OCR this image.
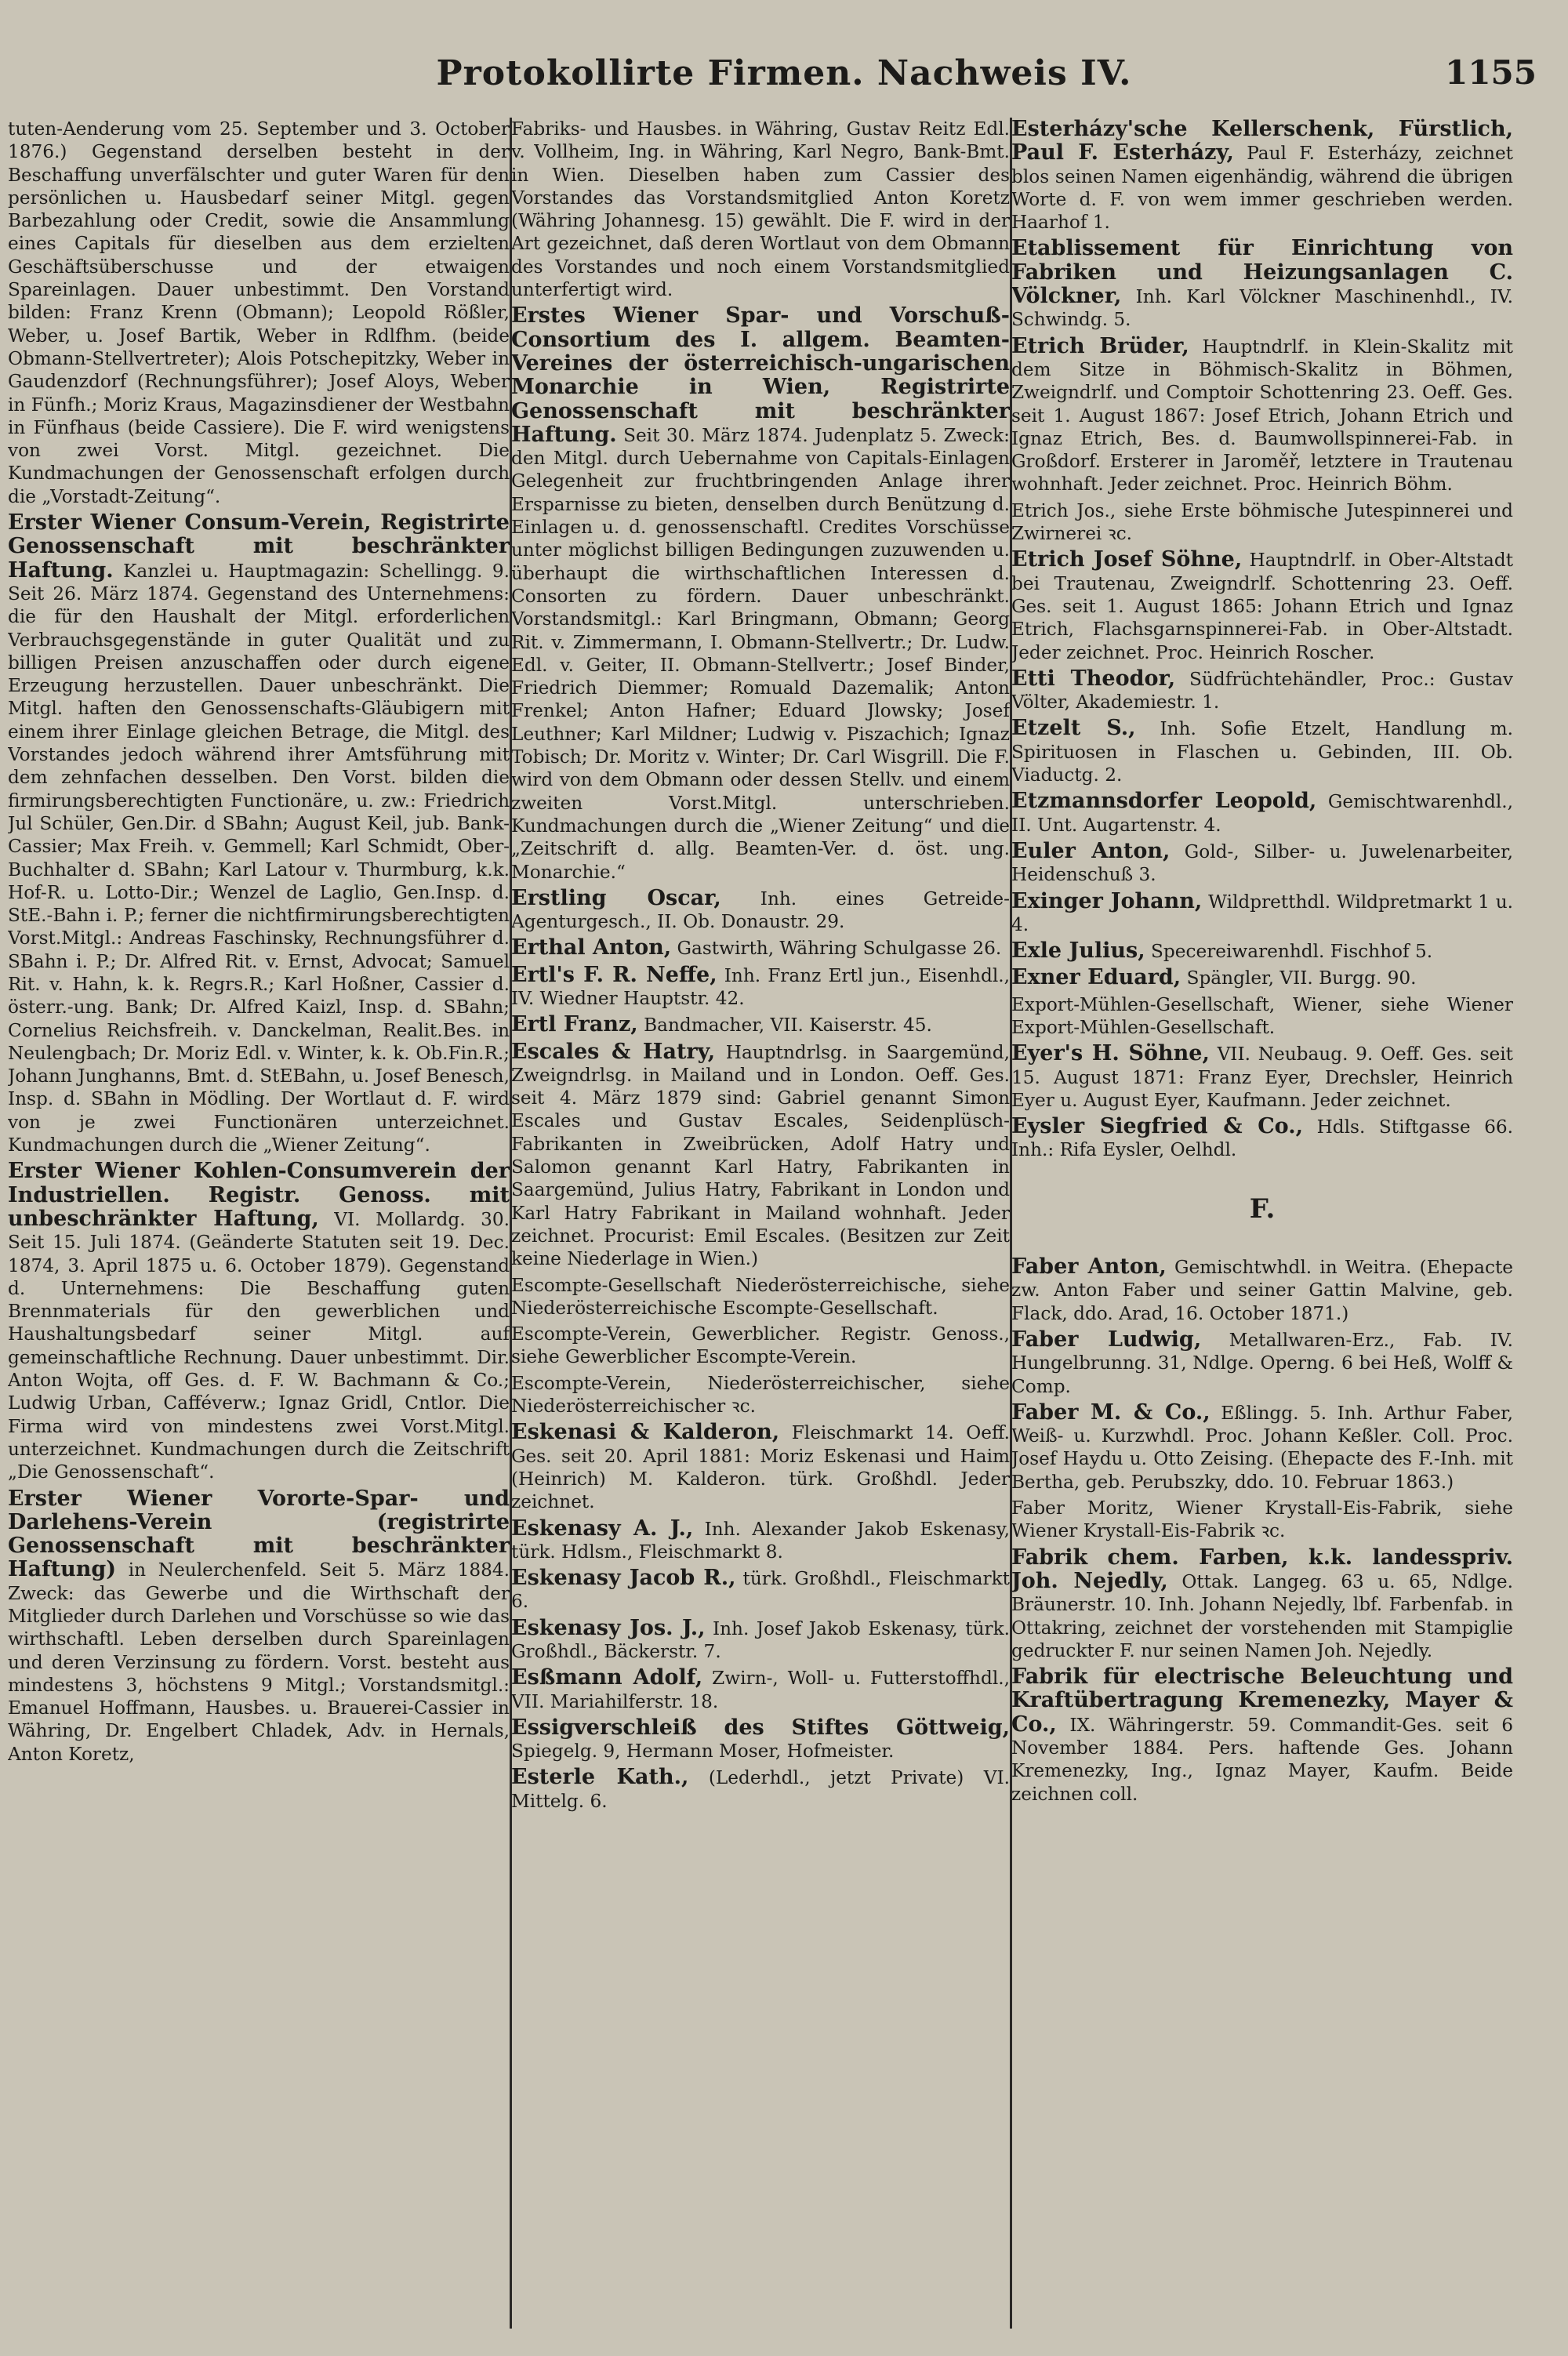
Protokollirte Firmen. Nachweis IV.	1155
tuten-Aenderung vom 25. September und 3. October 1876.) Gegenstand derselben besteht in der Beschaffung unverfälschter und guter Waren für den persönlichen u. Hausbedarf seiner Mitgl. gegen Barbezahlung oder Credit, sowie die Ansammlung eines Capitals für dieselben aus dem erzielten Geschäftsüberschusse und der etwaigen Spareinlagen. Dauer unbestimmt. Den Vorstand bilden: Franz Krenn (Obmann); Leopold Rößler, Weber, u. Josef Bartik, Weber in Rdlfhm. (beide Obmann-Stellvertreter); Alois Potschepitzky, Weber in Gaudenzdorf (Rechnungsführer); Josef Aloys, Weber in Fünfh.; Moriz Kraus, Magazinsdiener der Westbahn in Fünfhaus (beide Cassiere). Die F. wird wenigstens von zwei Vorst. Mitgl. gezeichnet. Die Kundmachungen der Genossenschaft erfolgen durch die „Vorstadt-Zeitung“.
Erster Wiener Consum-Verein, Registrirte Genossenschaft mit beschränkter Haftung. Kanzlei u. Hauptmagazin: Schellingg. 9. Seit 26. März 1874. Gegenstand des Unternehmens: die für den Haushalt der Mitgl. erforderlichen Verbrauchsgegenstände in guter Qualität und zu billigen Preisen anzuschaffen oder durch eigene Erzeugung herzustellen. Dauer unbeschränkt. Die Mitgl. haften den Genossenschafts-Gläubigern mit einem ihrer Einlage gleichen Betrage, die Mitgl. des Vorstandes jedoch während ihrer Amtsführung mit dem zehnfachen desselben. Den Vorst. bilden die firmirungsberechtigten Functionäre, u. zw.: Friedrich Jul Schüler, Gen.Dir. d SBahn; August Keil, jub. Bank-Cassier; Max Freih. v. Gemmell; Karl Schmidt, Ober-Buchhalter d. SBahn; Karl Latour v. Thurmburg, k.k. Hof-R. u. Lotto-Dir.; Wenzel de Laglio, Gen.Insp. d. StE.-Bahn i. P.; ferner die nichtfirmirungsberechtigten Vorst.Mitgl.: Andreas Faschinsky, Rechnungsführer d. SBahn i. P.; Dr. Alfred Rit. v. Ernst, Advocat; Samuel Rit. v. Hahn, k. k. Regrs.R.; Karl Hoßner, Cassier d. österr.-ung. Bank; Dr. Alfred Kaizl, Insp. d. SBahn; Cornelius Reichsfreih. v. Danckelman, Realit.Bes. in Neulengbach; Dr. Moriz Edl. v. Winter, k. k. Ob.Fin.R.; Johann Junghanns, Bmt. d. StEBahn, u. Josef Benesch, Insp. d. SBahn in Mödling. Der Wortlaut d. F. wird von je zwei Functionären unterzeichnet. Kundmachungen durch die „Wiener Zeitung“.
Erster Wiener Kohlen-Consumverein der Industriellen. Registr. Genoss. mit unbeschränkter Haftung, VI. Mollardg. 30. Seit 15. Juli 1874. (Geänderte Statuten seit 19. Dec. 1874, 3. April 1875 u. 6. October 1879). Gegenstand d. Unternehmens: Die Beschaffung guten Brennmaterials für den gewerblichen und Haushaltungsbedarf seiner Mitgl. auf gemeinschaftliche Rechnung. Dauer unbestimmt. Dir. Anton Wojta, off Ges. d. F. W. Bachmann & Co.; Ludwig Urban, Cafféverw.; Ignaz Gridl, Cntlor. Die Firma wird von mindestens zwei Vorst.Mitgl. unterzeichnet. Kundmachungen durch die Zeitschrift „Die Genossenschaft“.
Erster Wiener Vororte-Spar- und Darlehens-Verein (registrirte Genossenschaft mit beschränkter Haftung) in Neulerchenfeld. Seit 5. März 1884. Zweck: das Gewerbe und die Wirthschaft der Mitglieder durch Darlehen und Vorschüsse so wie das wirthschaftl. Leben derselben durch Spareinlagen und deren Verzinsung zu fördern. Vorst. besteht aus mindestens 3, höchstens 9 Mitgl.; Vorstandsmitgl.: Emanuel Hoffmann, Hausbes. u. Brauerei-Cassier in Währing, Dr. Engelbert Chladek, Adv. in Hernals, Anton Koretz,
Fabriks- und Hausbes. in Währing, Gustav Reitz Edl. v. Vollheim, Ing. in Währing, Karl Negro, Bank-Bmt. in Wien. Dieselben haben zum Cassier des Vorstandes das Vorstandsmitglied Anton Koretz (Währing Johannesg. 15) gewählt. Die F. wird in der Art gezeichnet, daß deren Wortlaut von dem Obmann des Vorstandes und noch einem Vorstandsmitglied unterfertigt wird.
Erstes Wiener Spar- und Vorschuß-Consortium des I. allgem. Beamten-Vereines der österreichisch-ungarischen Monarchie in Wien, Registrirte Genossenschaft mit beschränkter Haftung. Seit 30. März 1874. Judenplatz 5. Zweck: den Mitgl. durch Uebernahme von Capitals-Einlagen Gelegenheit zur fruchtbringenden Anlage ihrer Ersparnisse zu bieten, denselben durch Benützung d. Einlagen u. d. genossenschaftl. Credites Vorschüsse unter möglichst billigen Bedingungen zuzuwenden u. überhaupt die wirthschaftlichen Interessen d. Consorten zu fördern. Dauer unbeschränkt. Vorstandsmitgl.: Karl Bringmann, Obmann; Georg Rit. v. Zimmermann, I. Obmann-Stellvertr.; Dr. Ludw. Edl. v. Geiter, II. Obmann-Stellvertr.; Josef Binder, Friedrich Diemmer; Romuald Dazemalik; Anton Frenkel; Anton Hafner; Eduard Jlowsky; Josef Leuthner; Karl Mildner; Ludwig v. Piszachich; Ignaz Tobisch; Dr. Moritz v. Winter; Dr. Carl Wisgrill. Die F. wird von dem Obmann oder dessen Stellv. und einem zweiten Vorst.Mitgl. unterschrieben. Kundmachungen durch die „Wiener Zeitung“ und die „Zeitschrift d. allg. Beamten-Ver. d. öst. ung. Monarchie.“
Erstling Oscar, Inh. eines Getreide-Agenturgesch., II. Ob. Donaustr. 29.
Erthal Anton, Gastwirth, Währing Schulgasse 26.
Ertl's F. R. Neffe, Inh. Franz Ertl jun., Eisenhdl., IV. Wiedner Hauptstr. 42.
Ertl Franz, Bandmacher, VII. Kaiserstr. 45.
Escales & Hatry, Hauptndrlsg. in Saargemünd, Zweigndrlsg. in Mailand und in London. Oeff. Ges. seit 4. März 1879 sind: Gabriel genannt Simon Escales und Gustav Escales, Seidenplüsch-Fabrikanten in Zweibrücken, Adolf Hatry und Salomon genannt Karl Hatry, Fabrikanten in Saargemünd, Julius Hatry, Fabrikant in London und Karl Hatry Fabrikant in Mailand wohnhaft. Jeder zeichnet. Procurist: Emil Escales. (Besitzen zur Zeit keine Niederlage in Wien.)
Escompte-Gesellschaft Niederösterreichische, siehe Niederösterreichische Escompte-Gesellschaft.
Escompte-Verein, Gewerblicher. Registr. Genoss., siehe Gewerblicher Escompte-Verein.
Escompte-Verein, Niederösterreichischer, siehe Niederösterreichischer ꝛc.
Eskenasi & Kalderon, Fleischmarkt 14. Oeff. Ges. seit 20. April 1881: Moriz Eskenasi und Haim (Heinrich) M. Kalderon. türk. Großhdl. Jeder zeichnet.
Eskenasy A. J., Inh. Alexander Jakob Eskenasy, türk. Hdlsm., Fleischmarkt 8.
Eskenasy Jacob R., türk. Großhdl., Fleischmarkt 6.
Eskenasy Jos. J., Inh. Josef Jakob Eskenasy, türk. Großhdl., Bäckerstr. 7.
Esßmann Adolf, Zwirn-, Woll- u. Futterstoffhdl., VII. Mariahilferstr. 18.
Essigverschleiß des Stiftes Göttweig, Spiegelg. 9, Hermann Moser, Hofmeister.
Esterle Kath., (Lederhdl., jetzt Private) VI. Mittelg. 6.
Esterházy'sche Kellerschenk, Fürstlich, Paul F. Esterházy, Paul F. Esterházy, zeichnet blos seinen Namen eigenhändig, während die übrigen Worte d. F. von wem immer geschrieben werden. Haarhof 1.
Etablissement für Einrichtung von Fabriken und Heizungsanlagen C. Völckner, Inh. Karl Völckner Maschinenhdl., IV. Schwindg. 5.
Etrich Brüder, Hauptndrlf. in Klein-Skalitz mit dem Sitze in Böhmisch-Skalitz in Böhmen, Zweigndrlf. und Comptoir Schottenring 23. Oeff. Ges. seit 1. August 1867: Josef Etrich, Johann Etrich und Ignaz Etrich, Bes. d. Baumwollspinnerei-Fab. in Großdorf. Ersterer in Jaroměř, letztere in Trautenau wohnhaft. Jeder zeichnet. Proc. Heinrich Böhm.
Etrich Jos., siehe Erste böhmische Jutespinnerei und Zwirnerei ꝛc.
Etrich Josef Söhne, Hauptndrlf. in Ober-Altstadt bei Trautenau, Zweigndrlf. Schottenring 23. Oeff. Ges. seit 1. August 1865: Johann Etrich und Ignaz Etrich, Flachsgarnspinnerei-Fab. in Ober-Altstadt. Jeder zeichnet. Proc. Heinrich Roscher.
Etti Theodor, Südfrüchtehändler, Proc.: Gustav Völter, Akademiestr. 1.
Etzelt S., Inh. Sofie Etzelt, Handlung m. Spirituosen in Flaschen u. Gebinden, III. Ob. Viaductg. 2.
Etzmannsdorfer Leopold, Gemischtwarenhdl., II. Unt. Augartenstr. 4.
Euler Anton, Gold-, Silber- u. Juwelenarbeiter, Heidenschuß 3.
Exinger Johann, Wildpretthdl. Wildpretmarkt 1 u. 4.
Exle Julius, Specereiwarenhdl. Fischhof 5.
Exner Eduard, Spängler, VII. Burgg. 90.
Export-Mühlen-Gesellschaft, Wiener, siehe Wiener Export-Mühlen-Gesellschaft.
Eyer's H. Söhne, VII. Neubaug. 9. Oeff. Ges. seit 15. August 1871: Franz Eyer, Drechsler, Heinrich Eyer u. August Eyer, Kaufmann. Jeder zeichnet.
Eysler Siegfried & Co., Hdls. Stiftgasse 66. Inh.: Rifa Eysler, Oelhdl.
F.
Faber Anton, Gemischtwhdl. in Weitra. (Ehepacte zw. Anton Faber und seiner Gattin Malvine, geb. Flack, ddo. Arad, 16. October 1871.)
Faber Ludwig, Metallwaren-Erz., Fab. IV. Hungelbrunng. 31, Ndlge. Operng. 6 bei Heß, Wolff & Comp.
Faber M. & Co., Eßlingg. 5. Inh. Arthur Faber, Weiß- u. Kurzwhdl. Proc. Johann Keßler. Coll. Proc. Josef Haydu u. Otto Zeising. (Ehepacte des F.-Inh. mit Bertha, geb. Perubszky, ddo. 10. Februar 1863.)
Faber Moritz, Wiener Krystall-Eis-Fabrik, siehe Wiener Krystall-Eis-Fabrik ꝛc.
Fabrik chem. Farben, k.k. landesspriv. Joh. Nejedly, Ottak. Langeg. 63 u. 65, Ndlge. Bräunerstr. 10. Inh. Johann Nejedly, lbf. Farbenfab. in Ottakring, zeichnet der vorstehenden mit Stampiglie gedruckter F. nur seinen Namen Joh. Nejedly.
Fabrik für electrische Beleuchtung und Kraftübertragung Kremenezky, Mayer & Co., IX. Währingerstr. 59. Commandit-Ges. seit 6 November 1884. Pers. haftende Ges. Johann Kremenezky, Ing., Ignaz Mayer, Kaufm. Beide zeichnen coll.
